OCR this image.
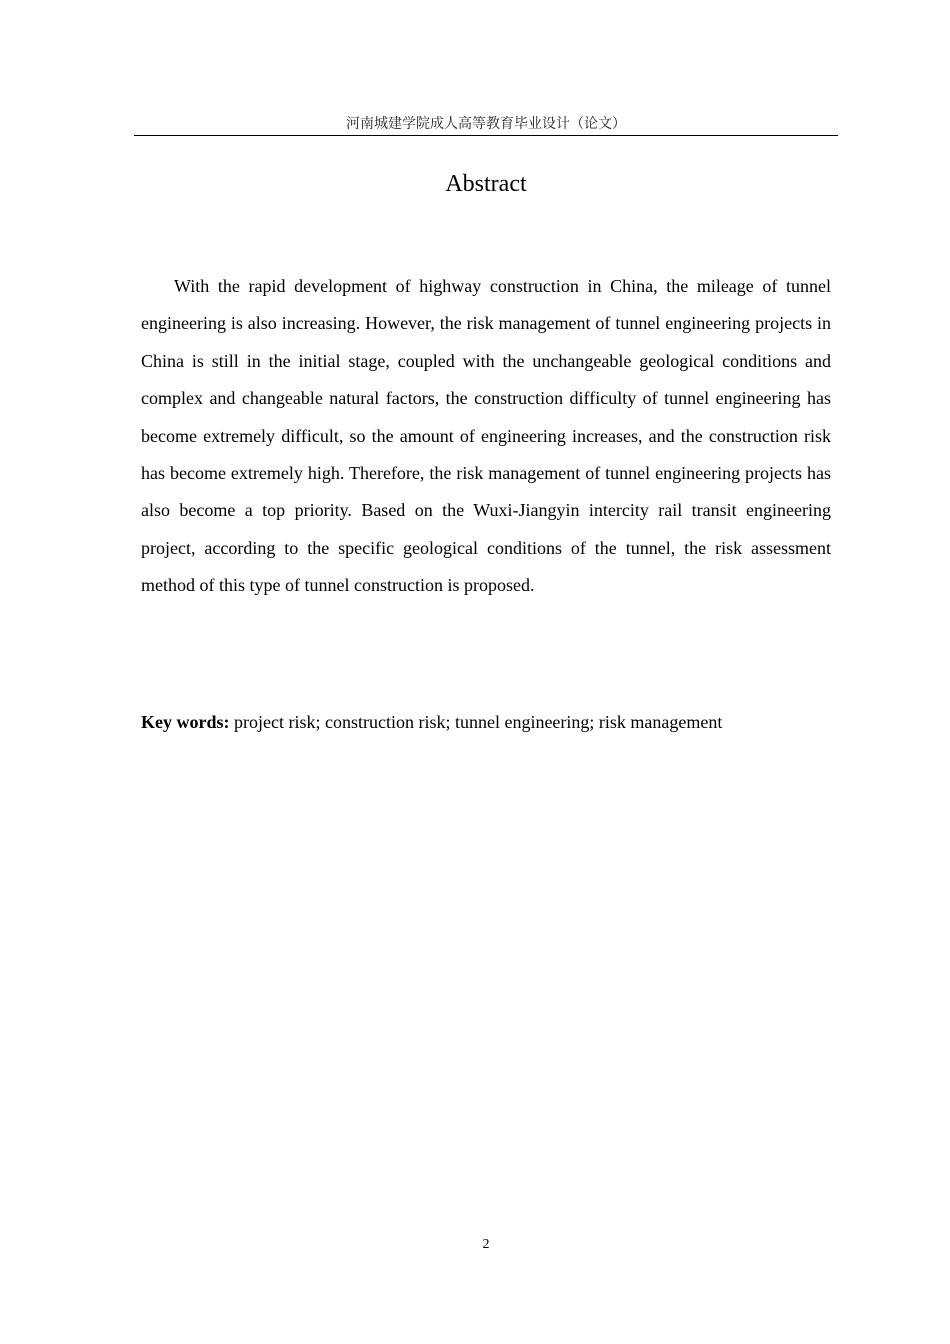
河南城建学院成人高等教育毕业设计（论文）
Abstract

With the rapid development of highway construction in China, the mileage of tunnel engineering is also increasing. However, the risk management of tunnel engineering projects in China is still in the initial stage, coupled with the unchangeable geological conditions and complex and changeable natural factors, the construction difficulty of tunnel engineering has become extremely difficult, so the amount of engineering increases, and the construction risk has become extremely high. Therefore, the risk management of tunnel engineering projects has also become a top priority. Based on the Wuxi-Jiangyin intercity rail transit engineering project, according to the specific geological conditions of the tunnel, the risk assessment method of this type of tunnel construction is proposed.

Key words: project risk; construction risk; tunnel engineering; risk management
2
